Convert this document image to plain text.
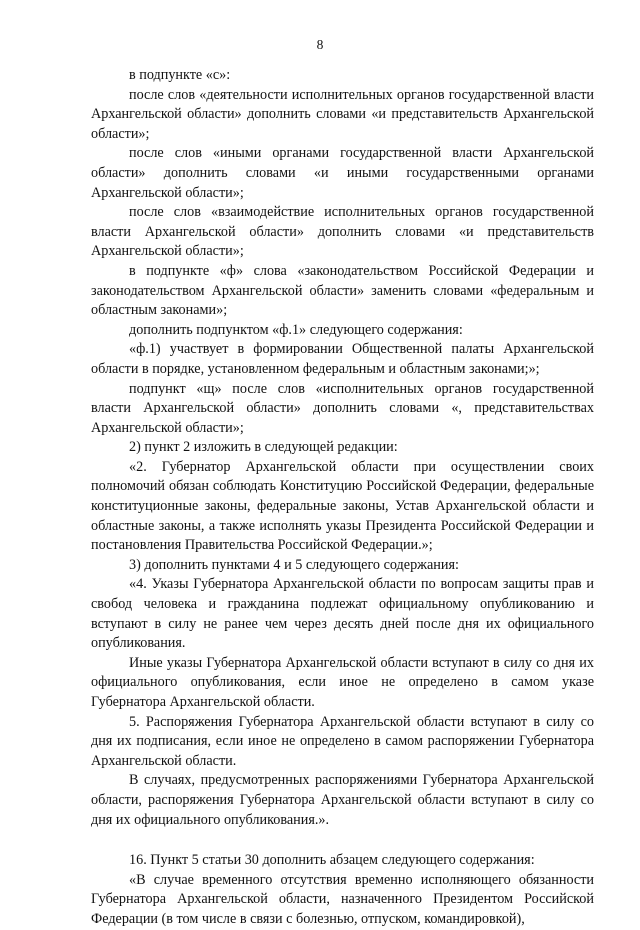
8

в подпункте «с»:

после слов «деятельности исполнительных органов государственной власти Архангельской области» дополнить словами «и представительств Архангельской области»;

после слов «иными органами государственной власти Архангельской области» дополнить словами «и иными государственными органами Архангельской области»;

после слов «взаимодействие исполнительных органов государственной власти Архангельской области» дополнить словами «и представительств Архангельской области»;

в подпункте «ф» слова «законодательством Российской Федерации и законодательством Архангельской области» заменить словами «федеральным и областным законами»;

дополнить подпунктом «ф.1» следующего содержания:

«ф.1) участвует в формировании Общественной палаты Архангельской области в порядке, установленном федеральным и областным законами;»;

подпункт «щ» после слов «исполнительных органов государственной власти Архангельской области» дополнить словами «, представительствах Архангельской области»;

2) пункт 2 изложить в следующей редакции:

«2. Губернатор Архангельской области при осуществлении своих полномочий обязан соблюдать Конституцию Российской Федерации, федеральные конституционные законы, федеральные законы, Устав Архангельской области и областные законы, а также исполнять указы Президента Российской Федерации и постановления Правительства Российской Федерации.»;

3) дополнить пунктами 4 и 5 следующего содержания:

«4. Указы Губернатора Архангельской области по вопросам защиты прав и свобод человека и гражданина подлежат официальному опубликованию и вступают в силу не ранее чем через десять дней после дня их официального опубликования.

Иные указы Губернатора Архангельской области вступают в силу со дня их официального опубликования, если иное не определено в самом указе Губернатора Архангельской области.

5. Распоряжения Губернатора Архангельской области вступают в силу со дня их подписания, если иное не определено в самом распоряжении Губернатора Архангельской области.

В случаях, предусмотренных распоряжениями Губернатора Архангельской области, распоряжения Губернатора Архангельской области вступают в силу со дня их официального опубликования.».

16. Пункт 5 статьи 30 дополнить абзацем следующего содержания:

«В случае временного отсутствия временно исполняющего обязанности Губернатора Архангельской области, назначенного Президентом Российской Федерации (в том числе в связи с болезнью, отпуском, командировкой),
